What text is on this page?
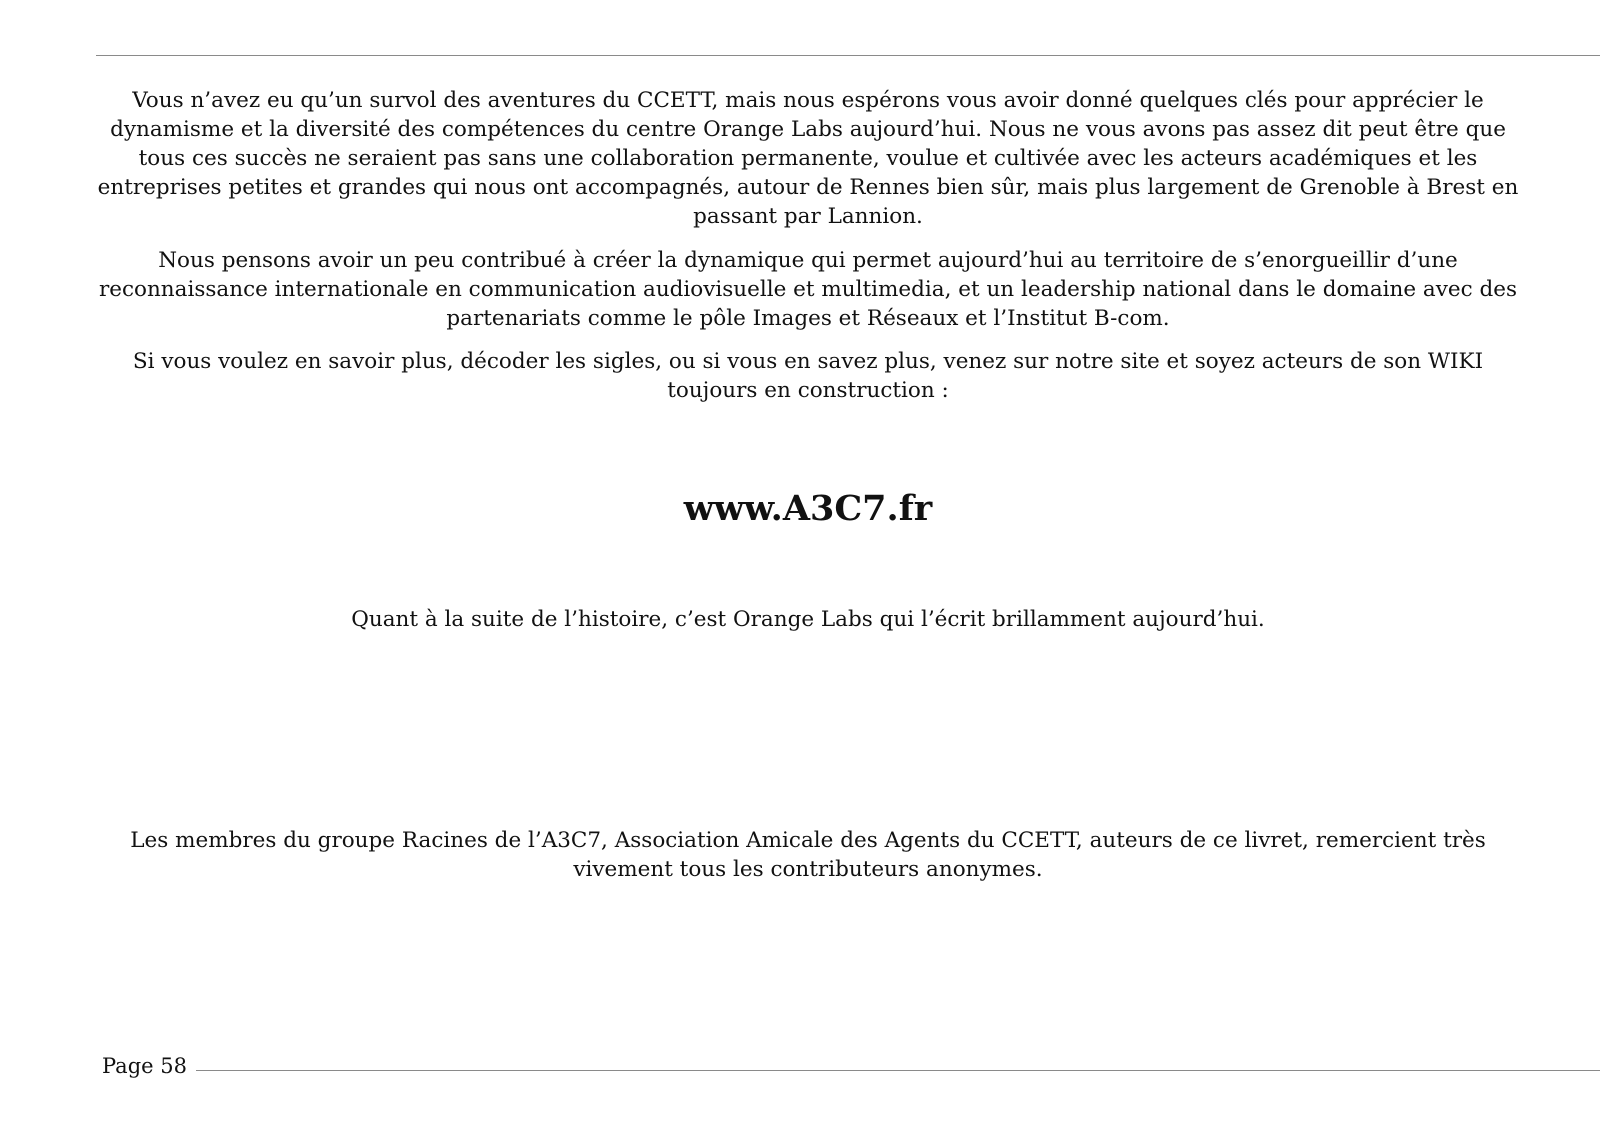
Vous n’avez eu qu’un survol des aventures du CCETT, mais nous espérons vous avoir donné quelques clés pour apprécier le dynamisme et la diversité des compétences du centre Orange Labs aujourd’hui. Nous ne vous avons pas assez dit peut être que tous ces succès ne seraient pas sans une collaboration permanente, voulue et cultivée avec les acteurs académiques et les entreprises petites et grandes qui nous ont accompagnés, autour de Rennes bien sûr, mais plus largement de Grenoble à Brest en passant par Lannion.

Nous pensons avoir un peu contribué à créer la dynamique qui permet aujourd’hui au territoire de s’enorgueillir d’une reconnaissance internationale en communication audiovisuelle et multimedia, et un leadership national dans le domaine avec des partenariats comme le pôle Images et Réseaux et l’Institut B-com.

Si vous voulez en savoir plus, décoder les sigles, ou si vous en savez plus, venez sur notre site et soyez acteurs de son WIKI toujours en construction :

www.A3C7.fr

Quant à la suite de l’histoire, c’est Orange Labs qui l’écrit brillamment aujourd’hui.

Les membres du groupe Racines de l’A3C7, Association Amicale des Agents du CCETT, auteurs de ce livret, remercient très vivement tous les contributeurs anonymes.

Page 58
